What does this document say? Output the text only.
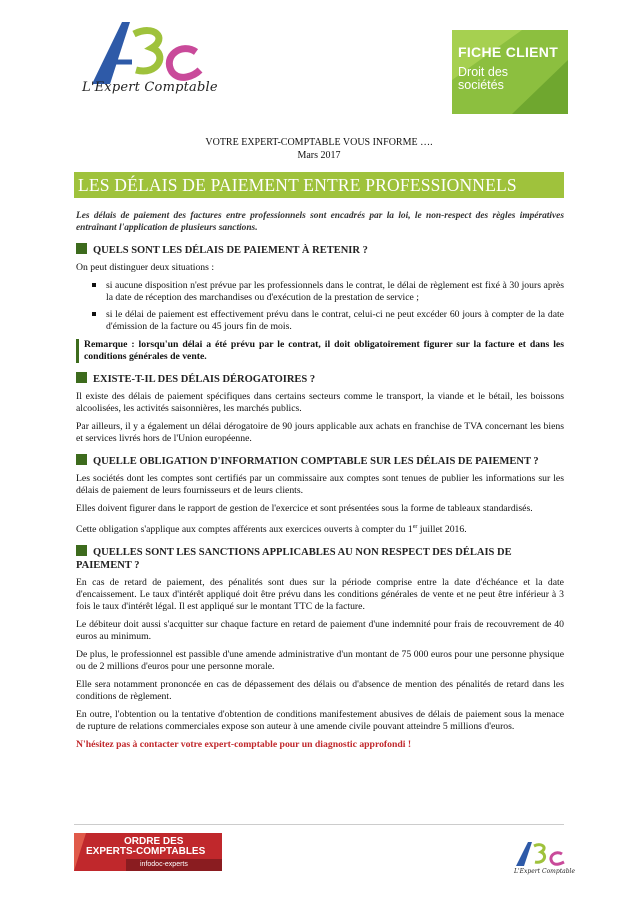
L'Expert Comptable
FICHE CLIENT
Droit des sociétés
VOTRE EXPERT-COMPTABLE VOUS INFORME ….
Mars 2017
LES DÉLAIS DE PAIEMENT ENTRE PROFESSIONNELS

Les délais de paiement des factures entre professionnels sont encadrés par la loi, le non-respect des règles impératives entraînant l'application de plusieurs sanctions.

QUELS SONT LES DÉLAIS DE PAIEMENT À RETENIR ?

On peut distinguer deux situations :

si aucune disposition n'est prévue par les professionnels dans le contrat, le délai de règlement est fixé à 30 jours après la date de réception des marchandises ou d'exécution de la prestation de service ;
si le délai de paiement est effectivement prévu dans le contrat, celui-ci ne peut excéder 60 jours à compter de la date d'émission de la facture ou 45 jours fin de mois.
Remarque : lorsqu'un délai a été prévu par le contrat, il doit obligatoirement figurer sur la facture et dans les conditions générales de vente.
EXISTE-T-IL DES DÉLAIS DÉROGATOIRES ?

Il existe des délais de paiement spécifiques dans certains secteurs comme le transport, la viande et le bétail, les boissons alcoolisées, les activités saisonnières, les marchés publics.

Par ailleurs, il y a également un délai dérogatoire de 90 jours applicable aux achats en franchise de TVA concernant les biens et services livrés hors de l'Union européenne.

QUELLE OBLIGATION D'INFORMATION COMPTABLE SUR LES DÉLAIS DE PAIEMENT ?

Les sociétés dont les comptes sont certifiés par un commissaire aux comptes sont tenues de publier les informations sur les délais de paiement de leurs fournisseurs et de leurs clients.

Elles doivent figurer dans le rapport de gestion de l'exercice et sont présentées sous la forme de tableaux standardisés.

Cette obligation s'applique aux comptes afférents aux exercices ouverts à compter du 1er juillet 2016.

QUELLES SONT LES SANCTIONS APPLICABLES AU NON RESPECT DES DÉLAIS DE PAIEMENT ?

En cas de retard de paiement, des pénalités sont dues sur la période comprise entre la date d'échéance et la date d'encaissement. Le taux d'intérêt appliqué doit être prévu dans les conditions générales de vente et ne peut être inférieur à 3 fois le taux d'intérêt légal. Il est appliqué sur le montant TTC de la facture.

Le débiteur doit aussi s'acquitter sur chaque facture en retard de paiement d'une indemnité pour frais de recouvrement de 40 euros au minimum.

De plus, le professionnel est passible d'une amende administrative d'un montant de 75 000 euros pour une personne physique ou de 2 millions d'euros pour une personne morale.

Elle sera notamment prononcée en cas de dépassement des délais ou d'absence de mention des pénalités de retard dans les conditions de règlement.

En outre, l'obtention ou la tentative d'obtention de conditions manifestement abusives de délais de paiement sous la menace de rupture de relations commerciales expose son auteur à une amende civile pouvant atteindre 5 millions d'euros.

N'hésitez pas à contacter votre expert-comptable pour un diagnostic approfondi !

ORDRE DES
EXPERTS-COMPTABLES
infodoc-experts
L'Expert Comptable
